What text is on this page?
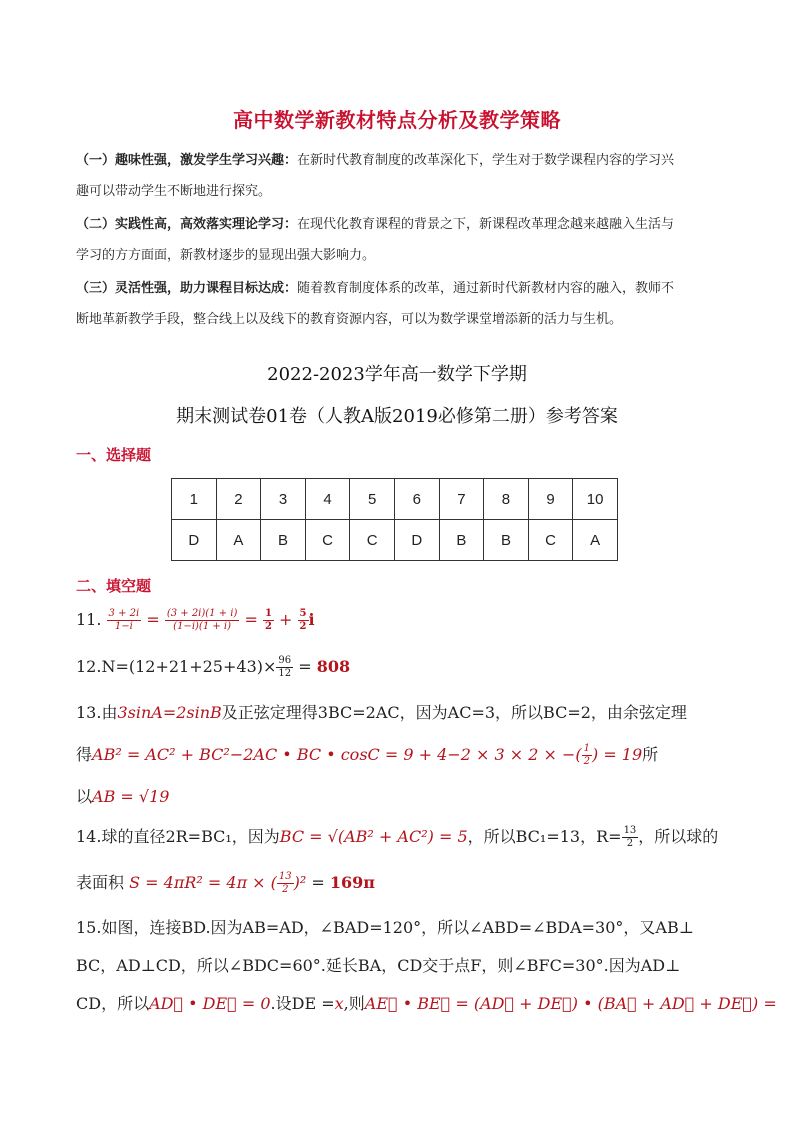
高中数学新教材特点分析及教学策略
（一）趣味性强，激发学生学习兴趣：在新时代教育制度的改革深化下，学生对于数学课程内容的学习兴
趣可以带动学生不断地进行探究。
（二）实践性高，高效落实理论学习：在现代化教育课程的背景之下，新课程改革理念越来越融入生活与
学习的方方面面，新教材逐步的显现出强大影响力。
（三）灵活性强，助力课程目标达成：随着教育制度体系的改革，通过新时代新教材内容的融入，教师不
断地革新教学手段，整合线上以及线下的教育资源内容，可以为数学课堂增添新的活力与生机。
2022-2023学年高一数学下学期
期末测试卷01卷（人教A版2019必修第二册）参考答案
一、选择题
1	2	3	4	5	6	7	8	9	10
D	A	B	C	C	D	B	B	C	A
二、填空题
11. $\frac{3 + 2i}{1-i} = \frac{(3 + 2i)(1 + i)}{(1-i)(1 + i)} = \frac{1}{2} + \frac{5}{2}$ i
$12.N=(12+21+25+43)\times \frac{96}{12} = 808$
13.由3sinA=2sinB及正弦定理得3BC=2AC，因为AC=3，所以BC=2，由余弦定理
得AB² = AC² + BC²−2AC • BC • cosC = 9 + 4−2 × 3 × 2 × −( $\frac{1}{2}$ ) = 19所
以AB = √19
14.球的直径2R=BC₁，因为BC = √(AB² + AC²) = 5，所以BC₁=13，$R= \frac{13}{2}$ ，所以球的
表面积 S = 4πR² = 4π × ( $\frac{13}{2} )^2 = 169\pi$
15.如图，连接BD.因为AB=AD，∠BAD=120°，所以∠ABD=∠BDA=30°，又AB⊥
BC，AD⊥CD，所以∠BDC=60°.延长BA，CD交于点F，则∠BFC=30°.因为AD⊥
CD，所以AD⃗ • DE⃗ = 0.设DE =x,则AE⃗ • BE⃗ = (AD⃗ + DE⃗) • (BA⃗ + AD⃗ + DE⃗) =
